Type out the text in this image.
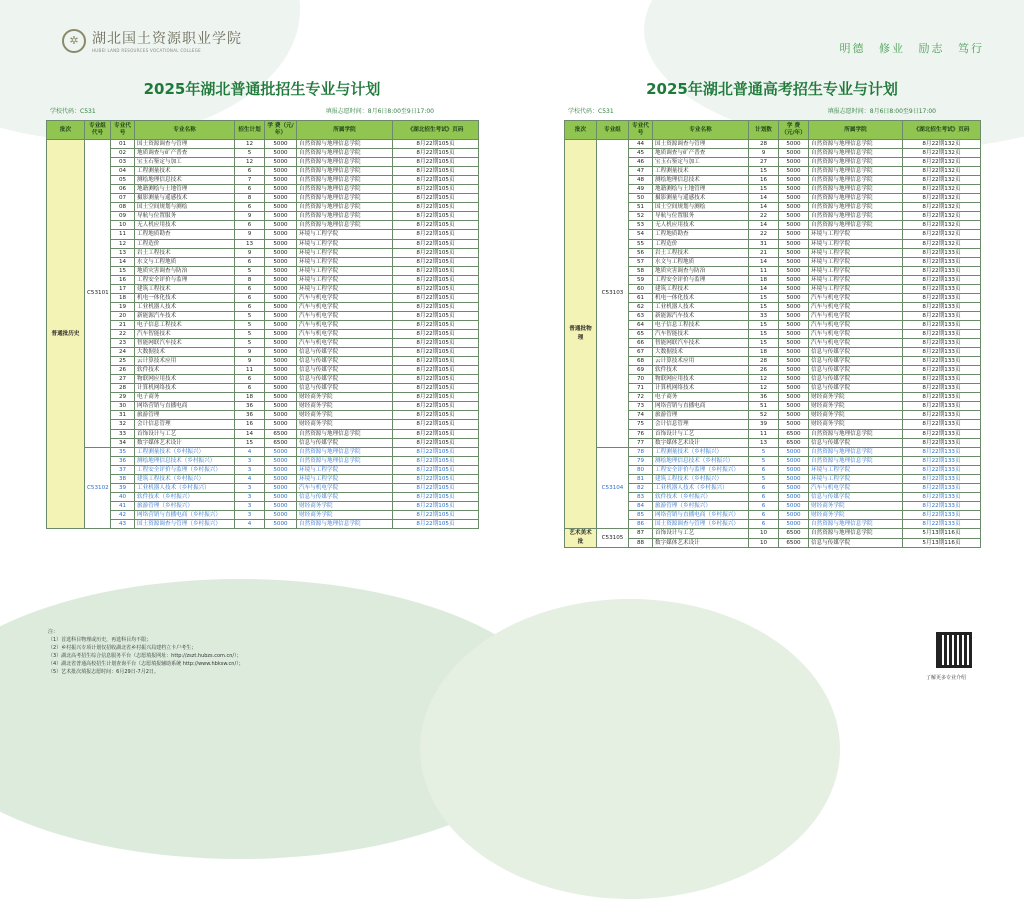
✲ 湖北国土资源职业学院
HUBEI LAND RESOURCES VOCATIONAL COLLEGE	明德 修业 励志 笃行
2025年湖北普通批招生专业与计划
学校代码：C531	填报志愿时间：8月6日8:00至9日17:00
批次	专业组代号	专业代号	专业名称	招生计划	学 费（元/年）	所属学院	《湖北招生考试》页码
普通批历史	C53101	01	国土资源调查与管理	12	5000	自然资源与地理信息学院	8月22期105页
		02	地质调查与矿产普查	5	5000	自然资源与地理信息学院	8月22期105页
		03	宝玉石鉴定与加工	12	5000	自然资源与地理信息学院	8月22期105页
		04	工程测量技术	6	5000	自然资源与地理信息学院	8月22期105页
		05	测绘地理信息技术	7	5000	自然资源与地理信息学院	8月22期105页
		06	地籍测绘与土地管理	6	5000	自然资源与地理信息学院	8月22期105页
		07	摄影测量与遥感技术	8	5000	自然资源与地理信息学院	8月22期105页
		08	国土空间规划与测绘	6	5000	自然资源与地理信息学院	8月22期105页
		09	导航与位置服务	9	5000	自然资源与地理信息学院	8月22期105页
		10	无人机应用技术	6	5000	自然资源与地理信息学院	8月22期105页
		11	工程地质勘查	9	5000	环境与工程学院	8月22期105页
		12	工程造价	13	5000	环境与工程学院	8月22期105页
		13	岩土工程技术	9	5000	环境与工程学院	8月22期105页
		14	水文与工程地质	6	5000	环境与工程学院	8月22期105页
		15	地质灾害调查与防治	5	5000	环境与工程学院	8月22期105页
		16	工程安全评价与监理	8	5000	环境与工程学院	8月22期105页
		17	建筑工程技术	6	5000	环境与工程学院	8月22期105页
		18	机电一体化技术	6	5000	汽车与机电学院	8月22期105页
		19	工业机器人技术	6	5000	汽车与机电学院	8月22期105页
		20	新能源汽车技术	5	5000	汽车与机电学院	8月22期105页
		21	电子信息工程技术	5	5000	汽车与机电学院	8月22期105页
		22	汽车智能技术	5	5000	汽车与机电学院	8月22期105页
		23	智能网联汽车技术	5	5000	汽车与机电学院	8月22期105页
		24	大数据技术	9	5000	信息与传媒学院	8月22期105页
		25	云计算技术应用	9	5000	信息与传媒学院	8月22期105页
		26	软件技术	11	5000	信息与传媒学院	8月22期105页
		27	物联网应用技术	6	5000	信息与传媒学院	8月22期105页
		28	计算机网络技术	6	5000	信息与传媒学院	8月22期105页
		29	电子商务	18	5000	财经商务学院	8月22期105页
		30	网络营销与直播电商	36	5000	财经商务学院	8月22期105页
		31	旅游管理	36	5000	财经商务学院	8月22期105页
		32	会计信息管理	16	5000	财经商务学院	8月22期105页
		33	首饰设计与工艺	14	6500	自然资源与地理信息学院	8月22期105页
		34	数字媒体艺术设计	15	6500	信息与传媒学院	8月22期105页
	C53102	35	工程测量技术（乡村振兴）	4	5000	自然资源与地理信息学院	8月22期105页
		36	测绘地理信息技术（乡村振兴）	3	5000	自然资源与地理信息学院	8月22期105页
		37	工程安全评价与监理（乡村振兴）	3	5000	环境与工程学院	8月22期105页
		38	建筑工程技术（乡村振兴）	4	5000	环境与工程学院	8月22期105页
		39	工业机器人技术（乡村振兴）	3	5000	汽车与机电学院	8月22期105页
		40	软件技术（乡村振兴）	3	5000	信息与传媒学院	8月22期105页
		41	旅游管理（乡村振兴）	3	5000	财经商务学院	8月22期105页
		42	网络营销与直播电商（乡村振兴）	3	5000	财经商务学院	8月22期105页
		43	国土资源调查与管理（乡村振兴）	4	5000	自然资源与地理信息学院	8月22期105页
2025年湖北普通高考招生专业与计划
学校代码：C531	填报志愿时间：8月6日8:00至9日17:00
批次	专业组	专业代号	专业名称	计划数	学 费（元/年）	所属学院	《湖北招生考试》页码
普通批物理	C53103	44	国土资源调查与管理	28	5000	自然资源与地理信息学院	8月22期132页
		45	地质调查与矿产普查	9	5000	自然资源与地理信息学院	8月22期132页
		46	宝玉石鉴定与加工	27	5000	自然资源与地理信息学院	8月22期132页
		47	工程测量技术	15	5000	自然资源与地理信息学院	8月22期132页
		48	测绘地理信息技术	16	5000	自然资源与地理信息学院	8月22期132页
		49	地籍测绘与土地管理	15	5000	自然资源与地理信息学院	8月22期132页
		50	摄影测量与遥感技术	14	5000	自然资源与地理信息学院	8月22期132页
		51	国土空间规划与测绘	14	5000	自然资源与地理信息学院	8月22期132页
		52	导航与位置服务	22	5000	自然资源与地理信息学院	8月22期132页
		53	无人机应用技术	14	5000	自然资源与地理信息学院	8月22期132页
		54	工程地质勘查	22	5000	环境与工程学院	8月22期132页
		55	工程造价	31	5000	环境与工程学院	8月22期132页
		56	岩土工程技术	21	5000	环境与工程学院	8月22期133页
		57	水文与工程地质	14	5000	环境与工程学院	8月22期133页
		58	地质灾害调查与防治	11	5000	环境与工程学院	8月22期133页
		59	工程安全评价与监理	18	5000	环境与工程学院	8月22期133页
		60	建筑工程技术	14	5000	环境与工程学院	8月22期133页
		61	机电一体化技术	15	5000	汽车与机电学院	8月22期133页
		62	工业机器人技术	15	5000	汽车与机电学院	8月22期133页
		63	新能源汽车技术	33	5000	汽车与机电学院	8月22期133页
		64	电子信息工程技术	15	5000	汽车与机电学院	8月22期133页
		65	汽车智能技术	15	5000	汽车与机电学院	8月22期133页
		66	智能网联汽车技术	15	5000	汽车与机电学院	8月22期133页
		67	大数据技术	18	5000	信息与传媒学院	8月22期133页
		68	云计算技术应用	28	5000	信息与传媒学院	8月22期133页
		69	软件技术	26	5000	信息与传媒学院	8月22期133页
		70	物联网应用技术	12	5000	信息与传媒学院	8月22期133页
		71	计算机网络技术	12	5000	信息与传媒学院	8月22期133页
		72	电子商务	36	5000	财经商务学院	8月22期133页
		73	网络营销与直播电商	51	5000	财经商务学院	8月22期133页
		74	旅游管理	52	5000	财经商务学院	8月22期133页
		75	会计信息管理	39	5000	财经商务学院	8月22期133页
		76	首饰设计与工艺	11	6500	自然资源与地理信息学院	8月22期133页
		77	数字媒体艺术设计	13	6500	信息与传媒学院	8月22期133页
	C53104	78	工程测量技术（乡村振兴）	5	5000	自然资源与地理信息学院	8月22期133页
		79	测绘地理信息技术（乡村振兴）	5	5000	自然资源与地理信息学院	8月22期133页
		80	工程安全评价与监理（乡村振兴）	6	5000	环境与工程学院	8月22期133页
		81	建筑工程技术（乡村振兴）	5	5000	环境与工程学院	8月22期133页
		82	工业机器人技术（乡村振兴）	6	5000	汽车与机电学院	8月22期133页
		83	软件技术（乡村振兴）	6	5000	信息与传媒学院	8月22期133页
		84	旅游管理（乡村振兴）	6	5000	财经商务学院	8月22期133页
		85	网络营销与直播电商（乡村振兴）	6	5000	财经商务学院	8月22期133页
		86	国土资源调查与管理（乡村振兴）	6	5000	自然资源与地理信息学院	8月22期133页
艺术美术批	C53105	87	首饰设计与工艺	10	6500	自然资源与地理信息学院	5月13期116页
		88	数字媒体艺术设计	10	6500	信息与传媒学院	5月13期116页
注：
（1）首选科目物理或历史，再选科目均不限；
（2）乡村振兴专项计划仅招收湖北省乡村振兴局建档立卡户考生；
（3）湖北高考招生综合信息服务平台（志愿填报网址：http://zszt.hubzs.com.cn/）；
（4）湖北省普通高校招生计划查询平台（志愿填报辅助系统 http://www.hbksw.cn/）；
（5）艺术批次填报志愿时间：6月29日-7月2日。
了解更多专业介绍
